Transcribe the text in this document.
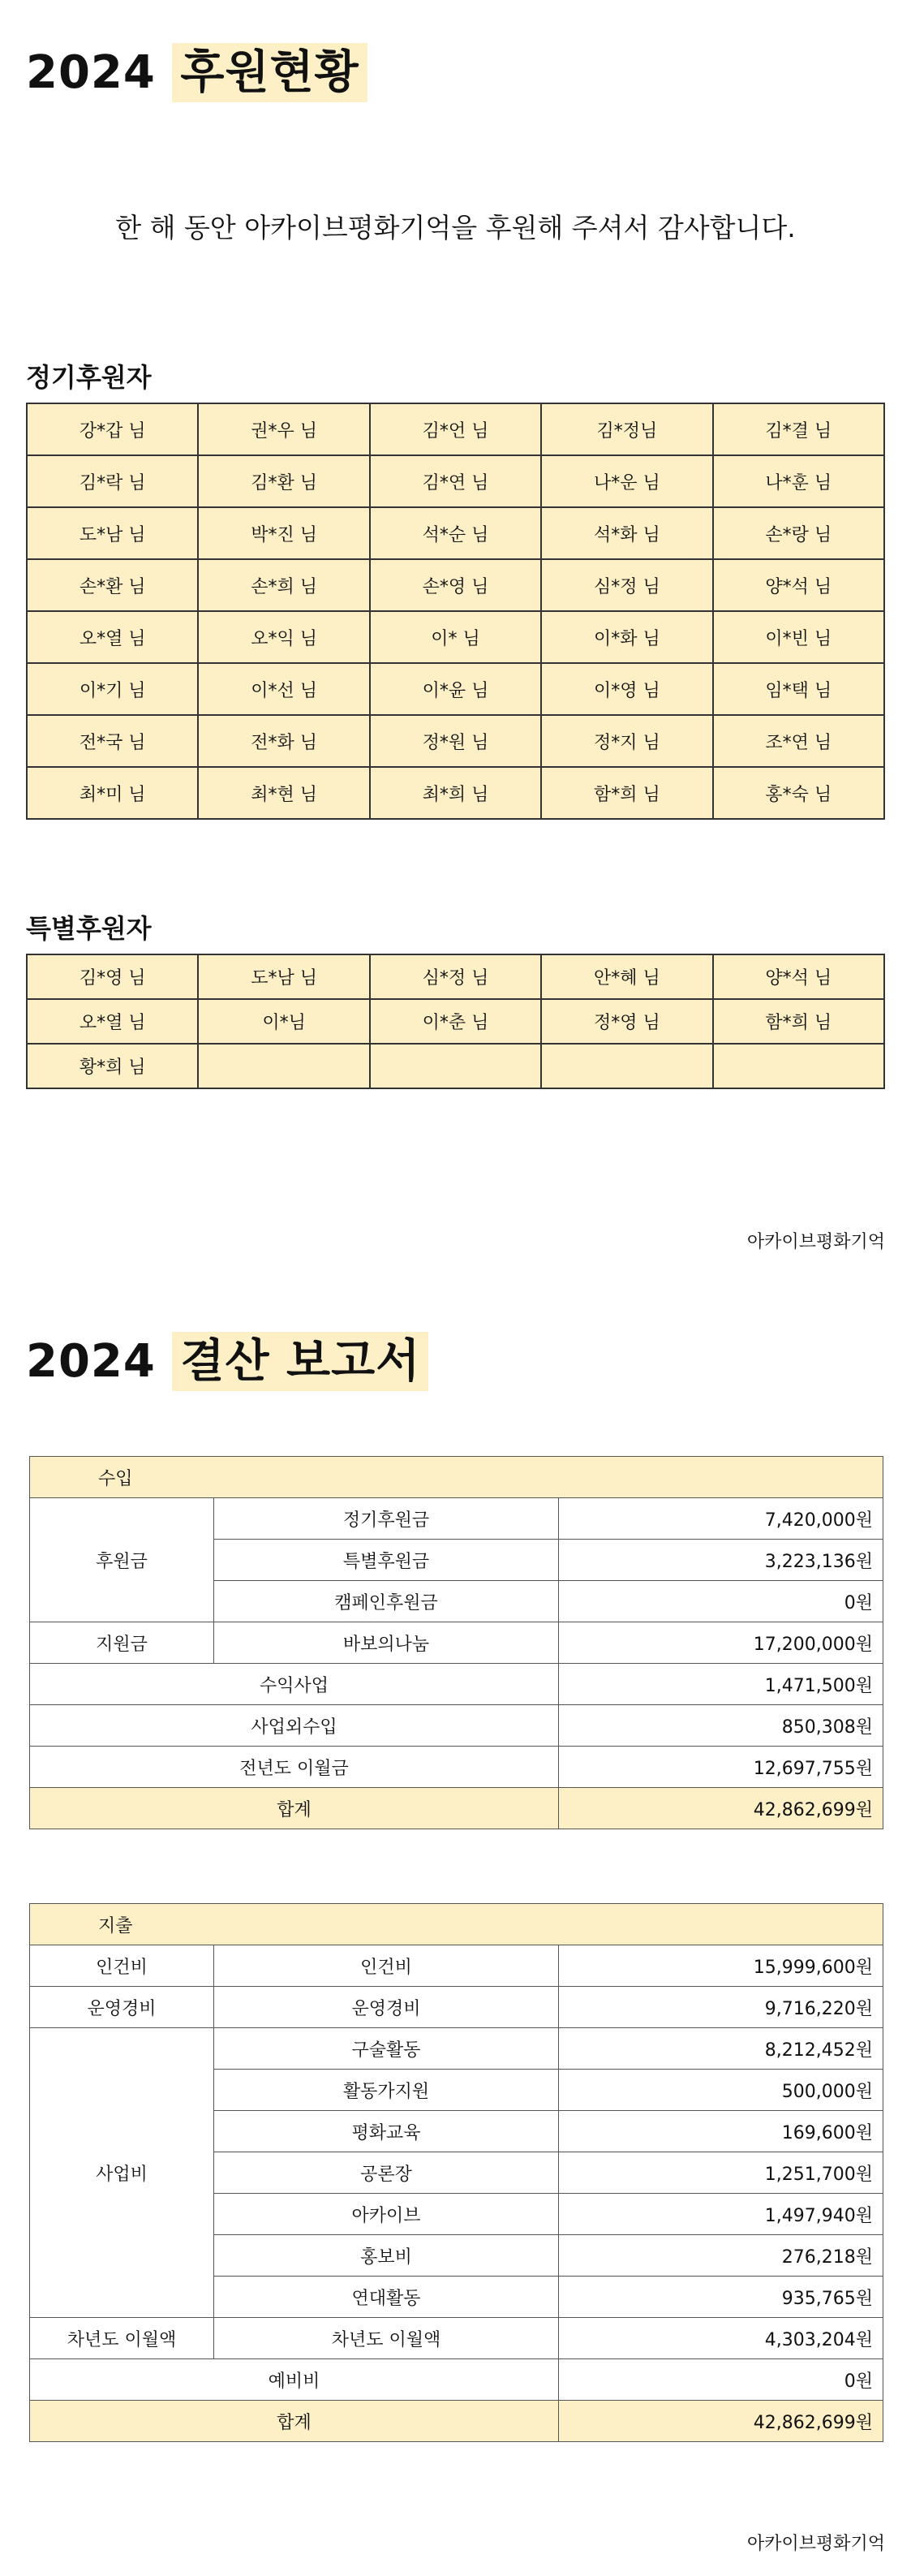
2024 후원현황
한 해 동안 아카이브평화기억을 후원해 주셔서 감사합니다.
정기후원자
강*갑 님	권*우 님	김*언 님	김*정님	김*결 님
김*락 님	김*환 님	김*연 님	나*운 님	나*훈 님
도*남 님	박*진 님	석*순 님	석*화 님	손*랑 님
손*환 님	손*희 님	손*영 님	심*정 님	양*석 님
오*열 님	오*익 님	이* 님	이*화 님	이*빈 님
이*기 님	이*선 님	이*윤 님	이*영 님	임*택 님
전*국 님	전*화 님	정*원 님	정*지 님	조*연 님
최*미 님	최*현 님	최*희 님	함*희 님	홍*숙 님
특별후원자
김*영 님	도*남 님	심*정 님	안*혜 님	양*석 님
오*열 님	이*님	이*춘 님	정*영 님	함*희 님
황*희 님				
아카이브평화기억
2024 결산 보고서
수입		
후원금	정기후원금	7,420,000원
	특별후원금	3,223,136원
	캠페인후원금	0원
지원금	바보의나눔	17,200,000원
수익사업		1,471,500원
사업외수입		850,308원
전년도 이월금		12,697,755원
합계		42,862,699원
지출		
인건비	인건비	15,999,600원
운영경비	운영경비	9,716,220원
사업비	구술활동	8,212,452원
	활동가지원	500,000원
	평화교육	169,600원
	공론장	1,251,700원
	아카이브	1,497,940원
	홍보비	276,218원
	연대활동	935,765원
차년도 이월액	차년도 이월액	4,303,204원
예비비		0원
합계		42,862,699원
아카이브평화기억
